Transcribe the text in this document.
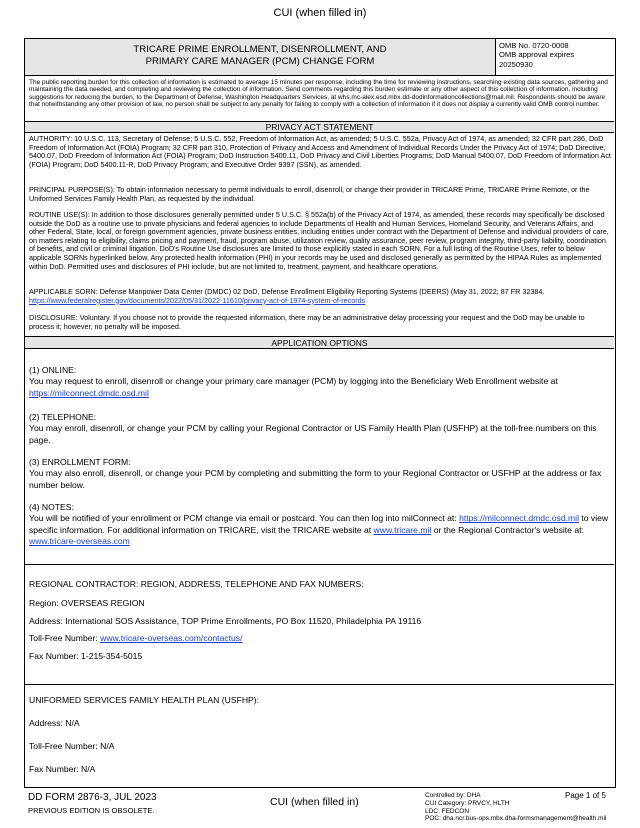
CUI (when filled in)
TRICARE PRIME ENROLLMENT, DISENROLLMENT, AND
PRIMARY CARE MANAGER (PCM) CHANGE FORM
OMB No. 0720-0008
OMB approval expires
20250930
The public reporting burden for this collection of information is estimated to average 15 minutes per response, including the time for reviewing instructions, searching existing data sources, gathering and maintaining the data needed, and completing and reviewing the collection of information. Send comments regarding this burden estimate or any other aspect of this collection of information, including suggestions for reducing the burden, to the Department of Defense, Washington Headquarters Services, at whs.mc-alex.esd.mbx.dd-dodinformationcollections@mail.mil. Respondents should be aware that notwithstanding any other provision of law, no person shall be subject to any penalty for failing to comply with a collection of information if it does not display a currently valid OMB control number.
PRIVACY ACT STATEMENT
AUTHORITY: 10 U.S.C. 113, Secretary of Defense; 5 U.S.C. 552, Freedom of Information Act, as amended; 5 U.S.C. 552a, Privacy Act of 1974, as amended; 32 CFR part 286, DoD Freedom of Information Act (FOIA) Program; 32 CFR part 310, Protection of Privacy and Access and Amendment of Individual Records Under the Privacy Act of 1974; DoD Directive, 5400.07, DoD Freedom of Information Act (FOIA) Program; DoD Instruction 5400.11, DoD Privacy and Civil Liberties Programs; DoD Manual 5400.07, DoD Freedom of Information Act (FOIA) Program; DoD 5400.11-R, DoD Privacy Program; and Executive Order 9397 (SSN), as amended.
PRINCIPAL PURPOSE(S): To obtain information necessary to permit individuals to enroll, disenroll, or change their provider in TRICARE Prime, TRICARE Prime Remote, or the Uniformed Services Family Health Plan, as requested by the individual.
ROUTINE USE(S): In addition to those disclosures generally permitted under 5 U.S.C. § 552a(b) of the Privacy Act of 1974, as amended, these records may specifically be disclosed outside the DoD as a routine use to private physicians and federal agencies to include Departments of Health and Human Services, Homeland Security, and Veterans Affairs, and other Federal, State, local, or foreign government agencies, private business entities, including entities under contract with the Department of Defense and individual providers of care, on matters relating to eligibility, claims pricing and payment, fraud, program abuse, utilization review, quality assurance, peer review, program integrity, third-party liability, coordination of benefits, and civil or criminal litigation. DoD's Routine Use disclosures are limited to those explicitly stated in each SORN. For a full listing of the Routine Uses, refer to below applicable SORNs hyperlinked below. Any protected health information (PHI) in your records may be used and disclosed generally as permitted by the HIPAA Rules as implemented within DoD. Permitted uses and disclosures of PHI include, but are not limited to, treatment, payment, and healthcare operations.
APPLICABLE SORN: Defense Manpower Data Center (DMDC) 02 DoD, Defense Enrollment Eligibility Reporting Systems (DEERS) (May 31, 2022; 87 FR 32384. https://www.federalregister.gov/documents/2022/05/31/2022-11610/privacy-act-of-1974-system-of-records
DISCLOSURE: Voluntary. If you choose not to provide the requested information, there may be an administrative delay processing your request and the DoD may be unable to process it; however, no penalty will be imposed.
APPLICATION OPTIONS
(1) ONLINE:
You may request to enroll, disenroll or change your primary care manager (PCM) by logging into the Beneficiary Web Enrollment website at https://milconnect.dmdc.osd.mil
(2) TELEPHONE:
You may enroll, disenroll, or change your PCM by calling your Regional Contractor or US Family Health Plan (USFHP) at the toll-free numbers on this page.
(3) ENROLLMENT FORM:
You may also enroll, disenroll, or change your PCM by completing and submitting the form to your Regional Contractor or USFHP at the address or fax number below.
(4) NOTES:
You will be notified of your enrollment or PCM change via email or postcard. You can then log into milConnect at: https://milconnect.dmdc.osd.mil to view specific information. For additional information on TRICARE, visit the TRICARE website at www.tricare.mil or the Regional Contractor's website at: www.tricare-overseas.com
REGIONAL CONTRACTOR: REGION, ADDRESS, TELEPHONE AND FAX NUMBERS:
Region: OVERSEAS REGION
Address: International SOS Assistance, TOP Prime Enrollments, PO Box 11520, Philadelphia PA 19116
Toll-Free Number: www.tricare-overseas.com/contactus/
Fax Number: 1-215-354-5015
UNIFORMED SERVICES FAMILY HEALTH PLAN (USFHP):
Address: N/A
Toll-Free Number: N/A
Fax Number: N/A
DD FORM 2876-3, JUL 2023
PREVIOUS EDITION IS OBSOLETE.
CUI (when filled in)
Controlled by: DHA
CUI Category: PRVCY, HLTH
LDC: FEDCON
POC: dha.ncr.bus-ops.mbx.dha-formsmanagement@health.mil
Page 1 of 5
